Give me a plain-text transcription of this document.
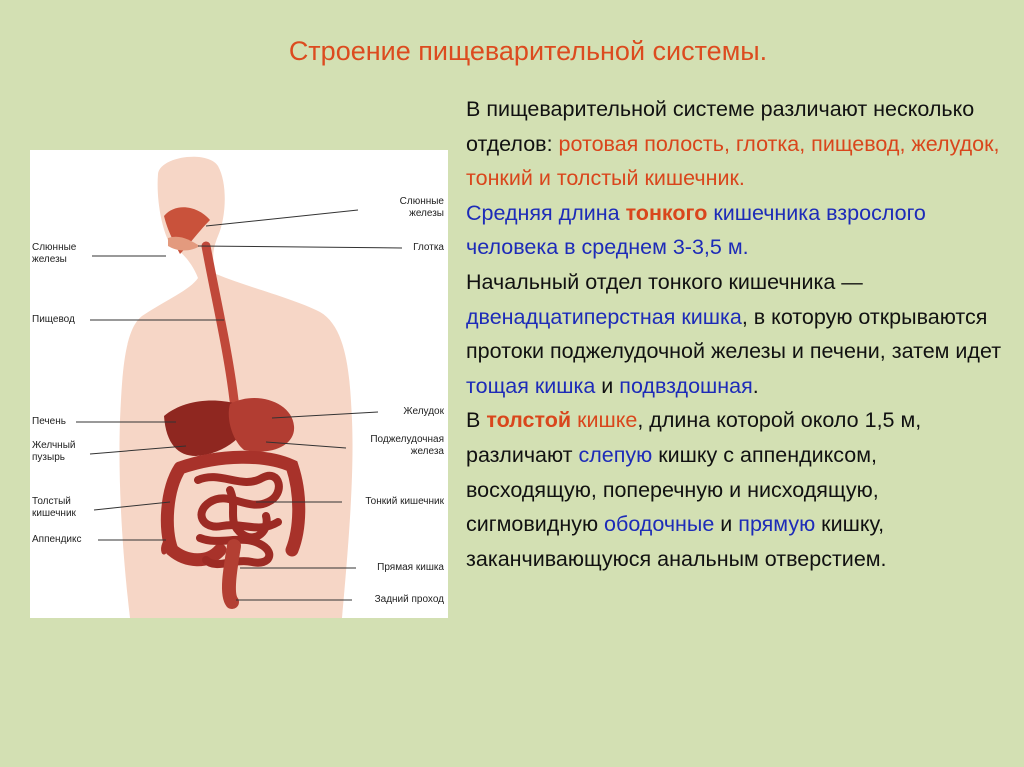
Строение пищеварительной системы.
Слюнные
железы
Пищевод
Печень
Желчный
пузырь
Толстый
кишечник
Аппендикс
Слюнные
железы
Глотка
Желудок
Поджелудочная
железа
Тонкий кишечник
Прямая кишка
Задний проход
В пищеварительной системе различают несколько отделов: ротовая полость, глотка, пищевод, желудок, тонкий и толстый кишечник.
Средняя длина тонкого кишечника взрослого человека в среднем 3-3,5 м.
Начальный отдел тонкого кишечника — двенадцатиперстная кишка, в которую открываются протоки поджелудочной железы и печени, затем идет тощая кишка и подвздошная.
В толстой кишке, длина которой около 1,5 м, различают слепую кишку с аппендиксом, восходящую, поперечную и нисходящую, сигмовидную ободочные и прямую кишку, заканчивающуюся анальным отверстием.
